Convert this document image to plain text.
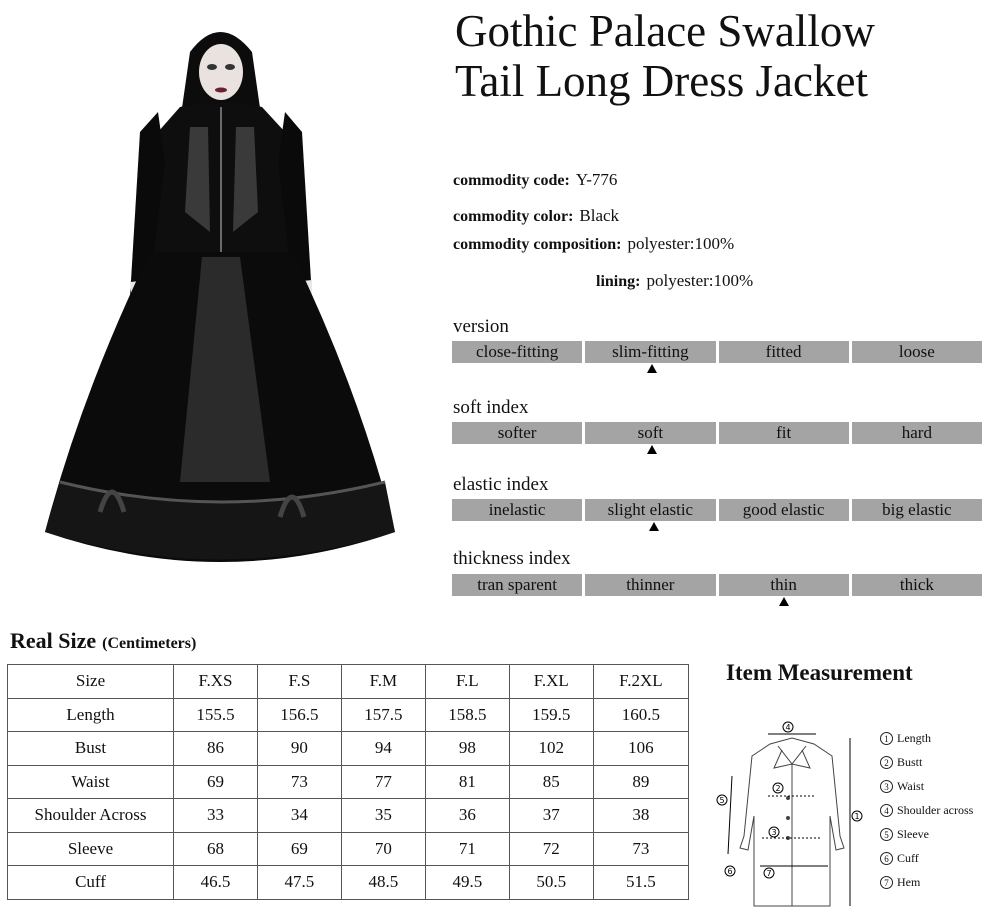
Gothic Palace Swallow
Tail Long Dress Jacket
commodity code: Y-776
commodity color: Black
commodity composition: polyester:100%
lining: polyester:100%
version
close-fitting	slim-fitting	fitted	loose
soft index
softer	soft	fit	hard
elastic index
inelastic	slight elastic	good elastic	big elastic
thickness index
tran sparent	thinner	thin	thick
Real Size (Centimeters)
Size	F.XS	F.S	F.M	F.L	F.XL	F.2XL
Length	155.5	156.5	157.5	158.5	159.5	160.5
Bust	86	90	94	98	102	106
Waist	69	73	77	81	85	89
Shoulder Across	33	34	35	36	37	38
Sleeve	68	69	70	71	72	73
Cuff	46.5	47.5	48.5	49.5	50.5	51.5
Item Measurement
4
2
3
7
1
5
6
1 Length
2 Bustt
3 Waist
4 Shoulder across
5 Sleeve
6 Cuff
7 Hem
